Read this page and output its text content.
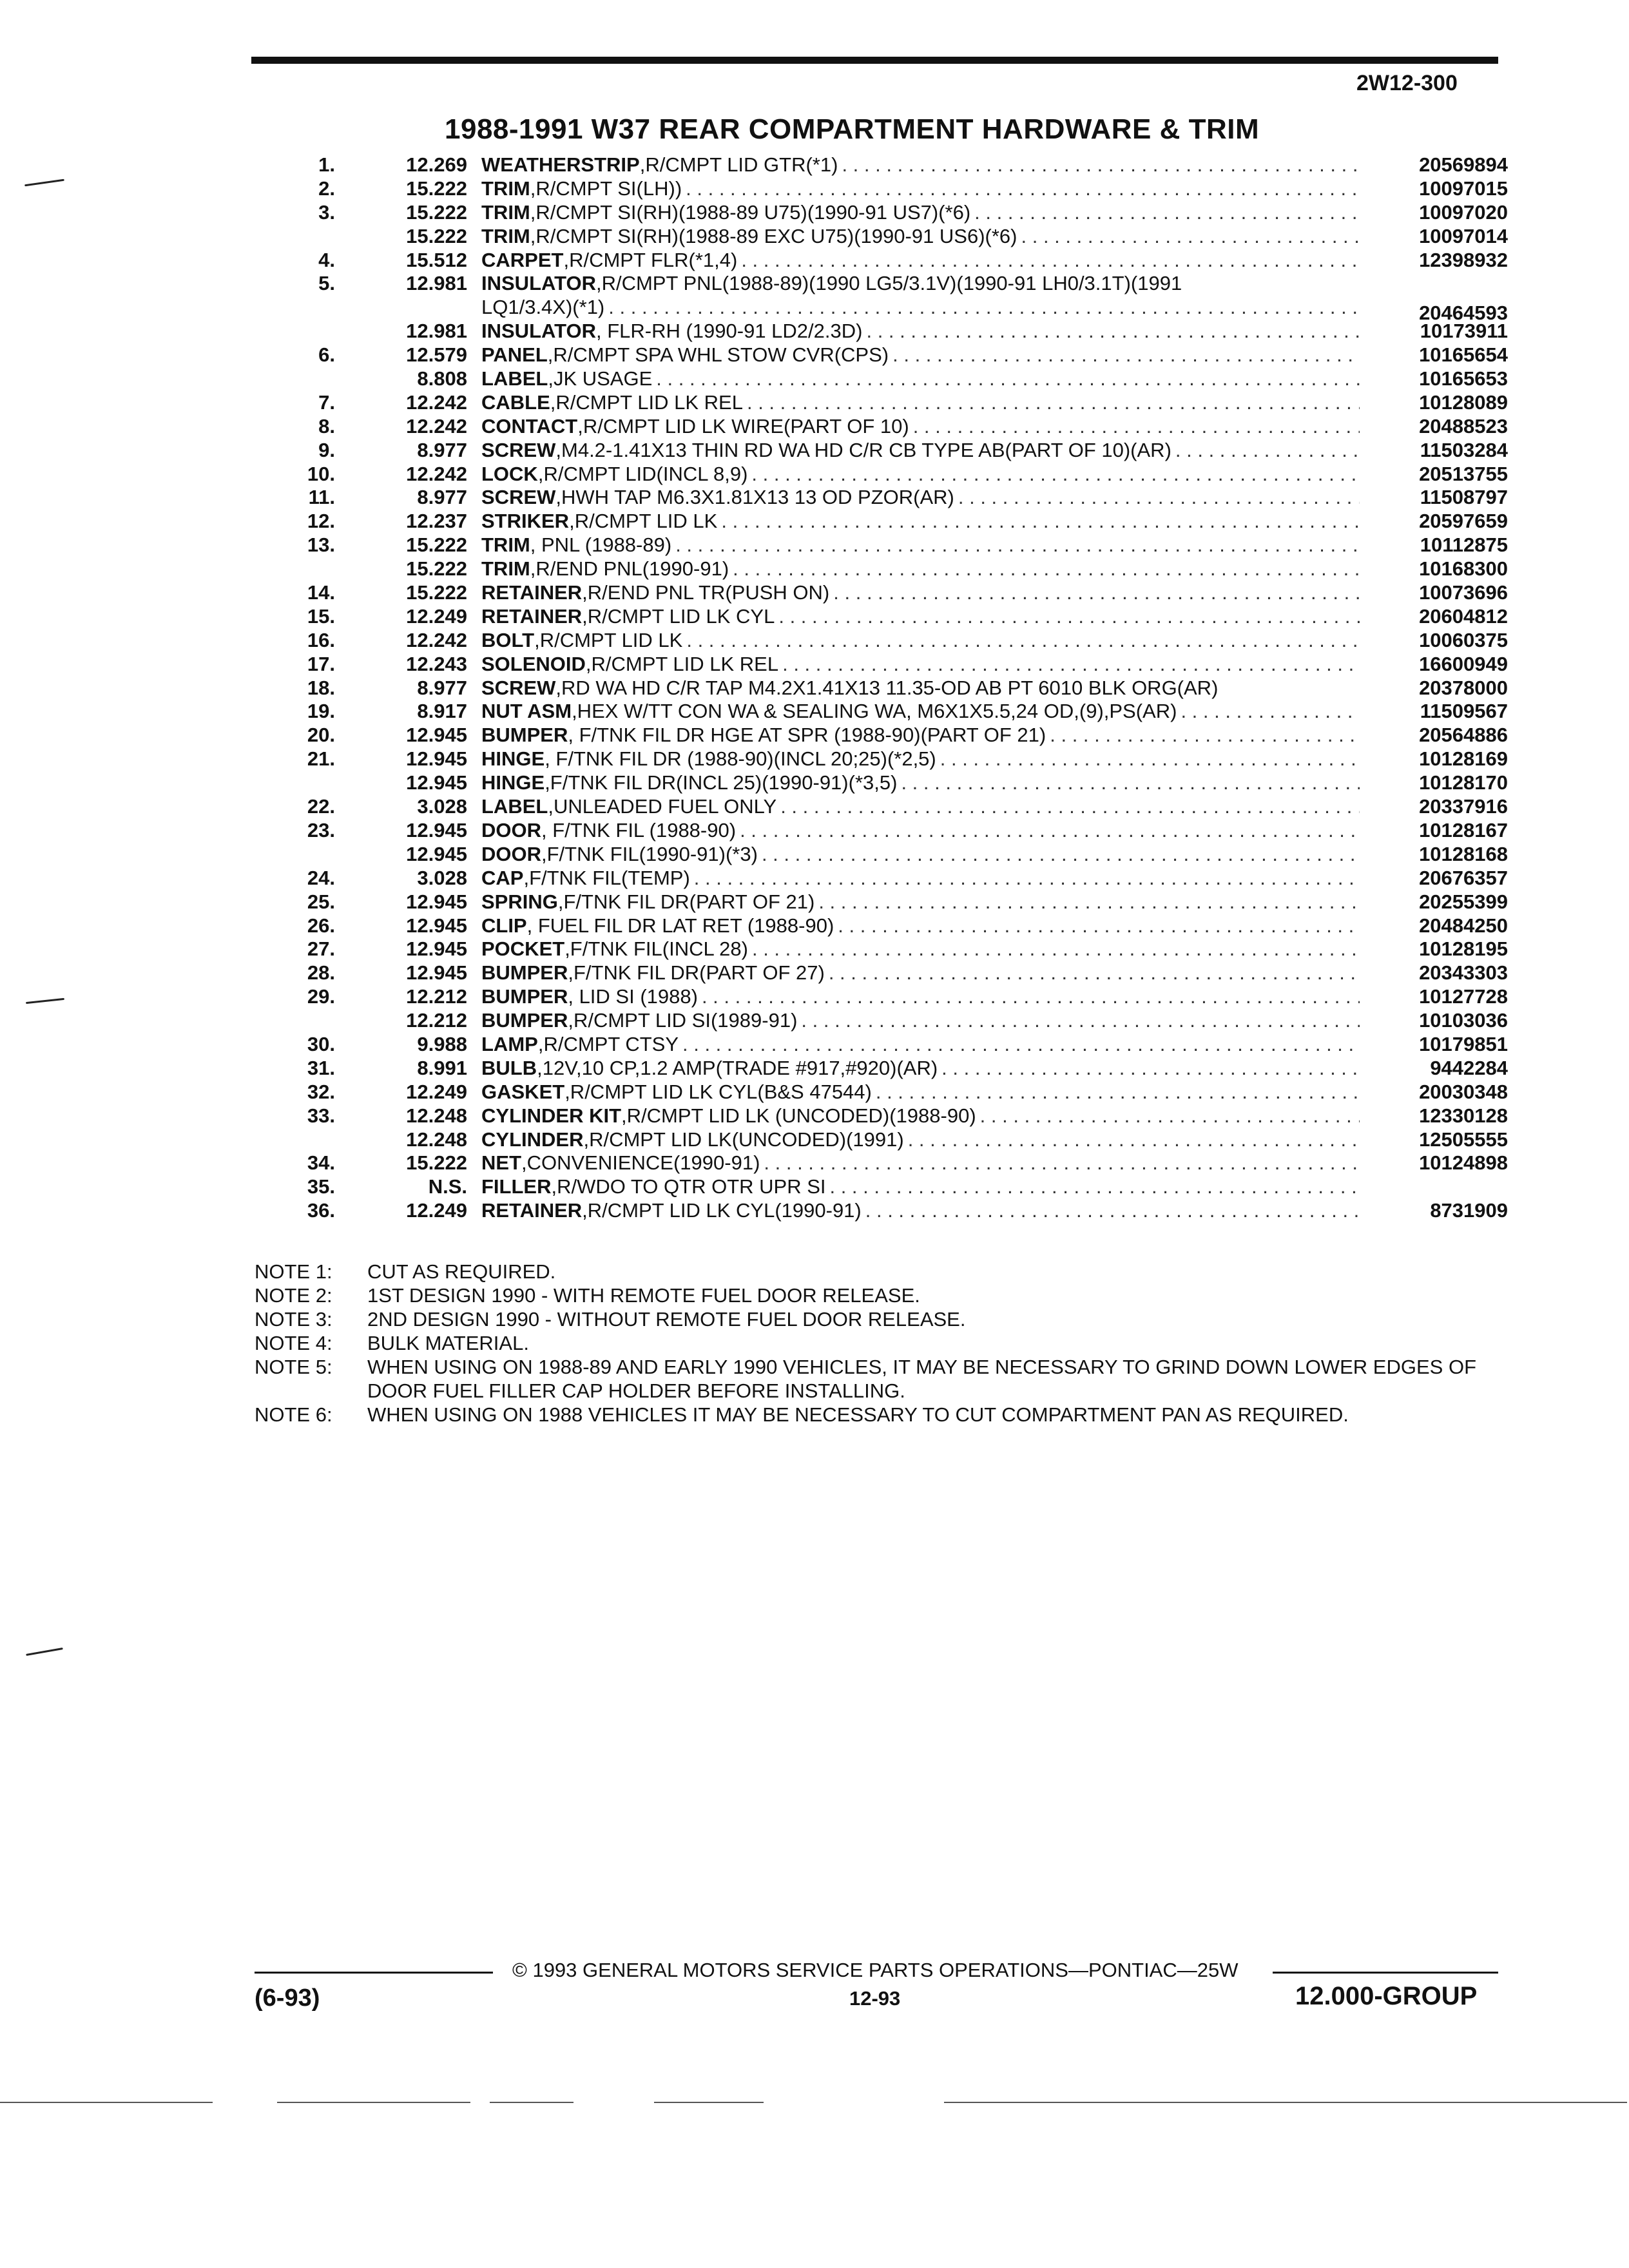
2W12-300
1988-1991 W37 REAR COMPARTMENT HARDWARE & TRIM
1.	12.269 WEATHERSTRIP ,R/CMPT LID GTR(*1) . . .	20569894
2.	15.222 TRIM ,R/CMPT SI(LH)) . . .	10097015
3.	15.222 TRIM ,R/CMPT SI(RH)(1988-89 U75)(1990-91 US7)(*6) . . .	10097020
15.222 TRIM ,R/CMPT SI(RH)(1988-89 EXC U75)(1990-91 US6)(*6) . . .	10097014
4.	15.512 CARPET ,R/CMPT FLR(*1,4) . . .	12398932
5.	12.981 INSULATOR ,R/CMPT PNL(1988-89)(1990 LG5/3.1V)(1990-91 LH0/3.1T)(1991
LQ1/3.4X)(*1) . . .	20464593
12.981 INSULATOR , FLR-RH (1990-91 LD2/2.3D) . . .	10173911
6.	12.579 PANEL ,R/CMPT SPA WHL STOW CVR(CPS) . . .	10165654
8.808 LABEL ,JK USAGE . . .	10165653
7.	12.242 CABLE ,R/CMPT LID LK REL . . .	10128089
8.	12.242 CONTACT ,R/CMPT LID LK WIRE(PART OF 10) . . .	20488523
9.	8.977 SCREW ,M4.2-1.41X13 THIN RD WA HD C/R CB TYPE AB(PART OF 10)(AR) . . .	11503284
10.	12.242 LOCK ,R/CMPT LID(INCL 8,9) . . .	20513755
11.	8.977 SCREW ,HWH TAP M6.3X1.81X13 13 OD PZOR(AR) . . .	11508797
12.	12.237 STRIKER ,R/CMPT LID LK . . .	20597659
13.	15.222 TRIM , PNL (1988-89) . . .	10112875
15.222 TRIM ,R/END PNL(1990-91) . . .	10168300
14.	15.222 RETAINER ,R/END PNL TR(PUSH ON) . . .	10073696
15.	12.249 RETAINER ,R/CMPT LID LK CYL . . .	20604812
16.	12.242 BOLT ,R/CMPT LID LK . . .	10060375
17.	12.243 SOLENOID ,R/CMPT LID LK REL . . .	16600949
18.	8.977 SCREW ,RD WA HD C/R TAP M4.2X1.41X13 11.35-OD AB PT 6010 BLK ORG(AR)	20378000
19.	8.917 NUT ASM ,HEX W/TT CON WA & SEALING WA, M6X1X5.5,24 OD,(9),PS(AR) . . .	11509567
20.	12.945 BUMPER , F/TNK FIL DR HGE AT SPR (1988-90)(PART OF 21) . . .	20564886
21.	12.945 HINGE , F/TNK FIL DR (1988-90)(INCL 20;25)(*2,5) . . .	10128169
12.945 HINGE ,F/TNK FIL DR(INCL 25)(1990-91)(*3,5) . . .	10128170
22.	3.028 LABEL ,UNLEADED FUEL ONLY . . .	20337916
23.	12.945 DOOR , F/TNK FIL (1988-90) . . .	10128167
12.945 DOOR ,F/TNK FIL(1990-91)(*3) . . .	10128168
24.	3.028 CAP ,F/TNK FIL(TEMP) . . .	20676357
25.	12.945 SPRING ,F/TNK FIL DR(PART OF 21) . . .	20255399
26.	12.945 CLIP , FUEL FIL DR LAT RET (1988-90) . . .	20484250
27.	12.945 POCKET ,F/TNK FIL(INCL 28) . . .	10128195
28.	12.945 BUMPER ,F/TNK FIL DR(PART OF 27) . . .	20343303
29.	12.212 BUMPER , LID SI (1988) . . .	10127728
12.212 BUMPER ,R/CMPT LID SI(1989-91) . . .	10103036
30.	9.988 LAMP ,R/CMPT CTSY . . .	10179851
31.	8.991 BULB ,12V,10 CP,1.2 AMP(TRADE #917,#920)(AR) . . .	9442284
32.	12.249 GASKET ,R/CMPT LID LK CYL(B&S 47544) . . .	20030348
33.	12.248 CYLINDER KIT ,R/CMPT LID LK (UNCODED)(1988-90) . . .	12330128
12.248 CYLINDER ,R/CMPT LID LK(UNCODED)(1991) . . .	12505555
34.	15.222 NET ,CONVENIENCE(1990-91) . . .	10124898
35.	N.S. FILLER ,R/WDO TO QTR OTR UPR SI
. . .
36.	12.249 RETAINER ,R/CMPT LID LK CYL(1990-91) . . .	8731909
NOTE 1:	CUT AS REQUIRED.
NOTE 2:	1ST DESIGN 1990 - WITH REMOTE FUEL DOOR RELEASE.
NOTE 3:	2ND DESIGN 1990 - WITHOUT REMOTE FUEL DOOR RELEASE.
NOTE 4:	BULK MATERIAL.
NOTE 5:	WHEN USING ON 1988-89 AND EARLY 1990 VEHICLES, IT MAY BE NECESSARY TO GRIND DOWN LOWER EDGES OF DOOR FUEL FILLER CAP HOLDER BEFORE INSTALLING.
NOTE 6:	WHEN USING ON 1988 VEHICLES IT MAY BE NECESSARY TO CUT COMPARTMENT PAN AS REQUIRED.
© 1993 GENERAL MOTORS SERVICE PARTS OPERATIONS—PONTIAC—25W
(6-93)	12-93	12.000-GROUP
